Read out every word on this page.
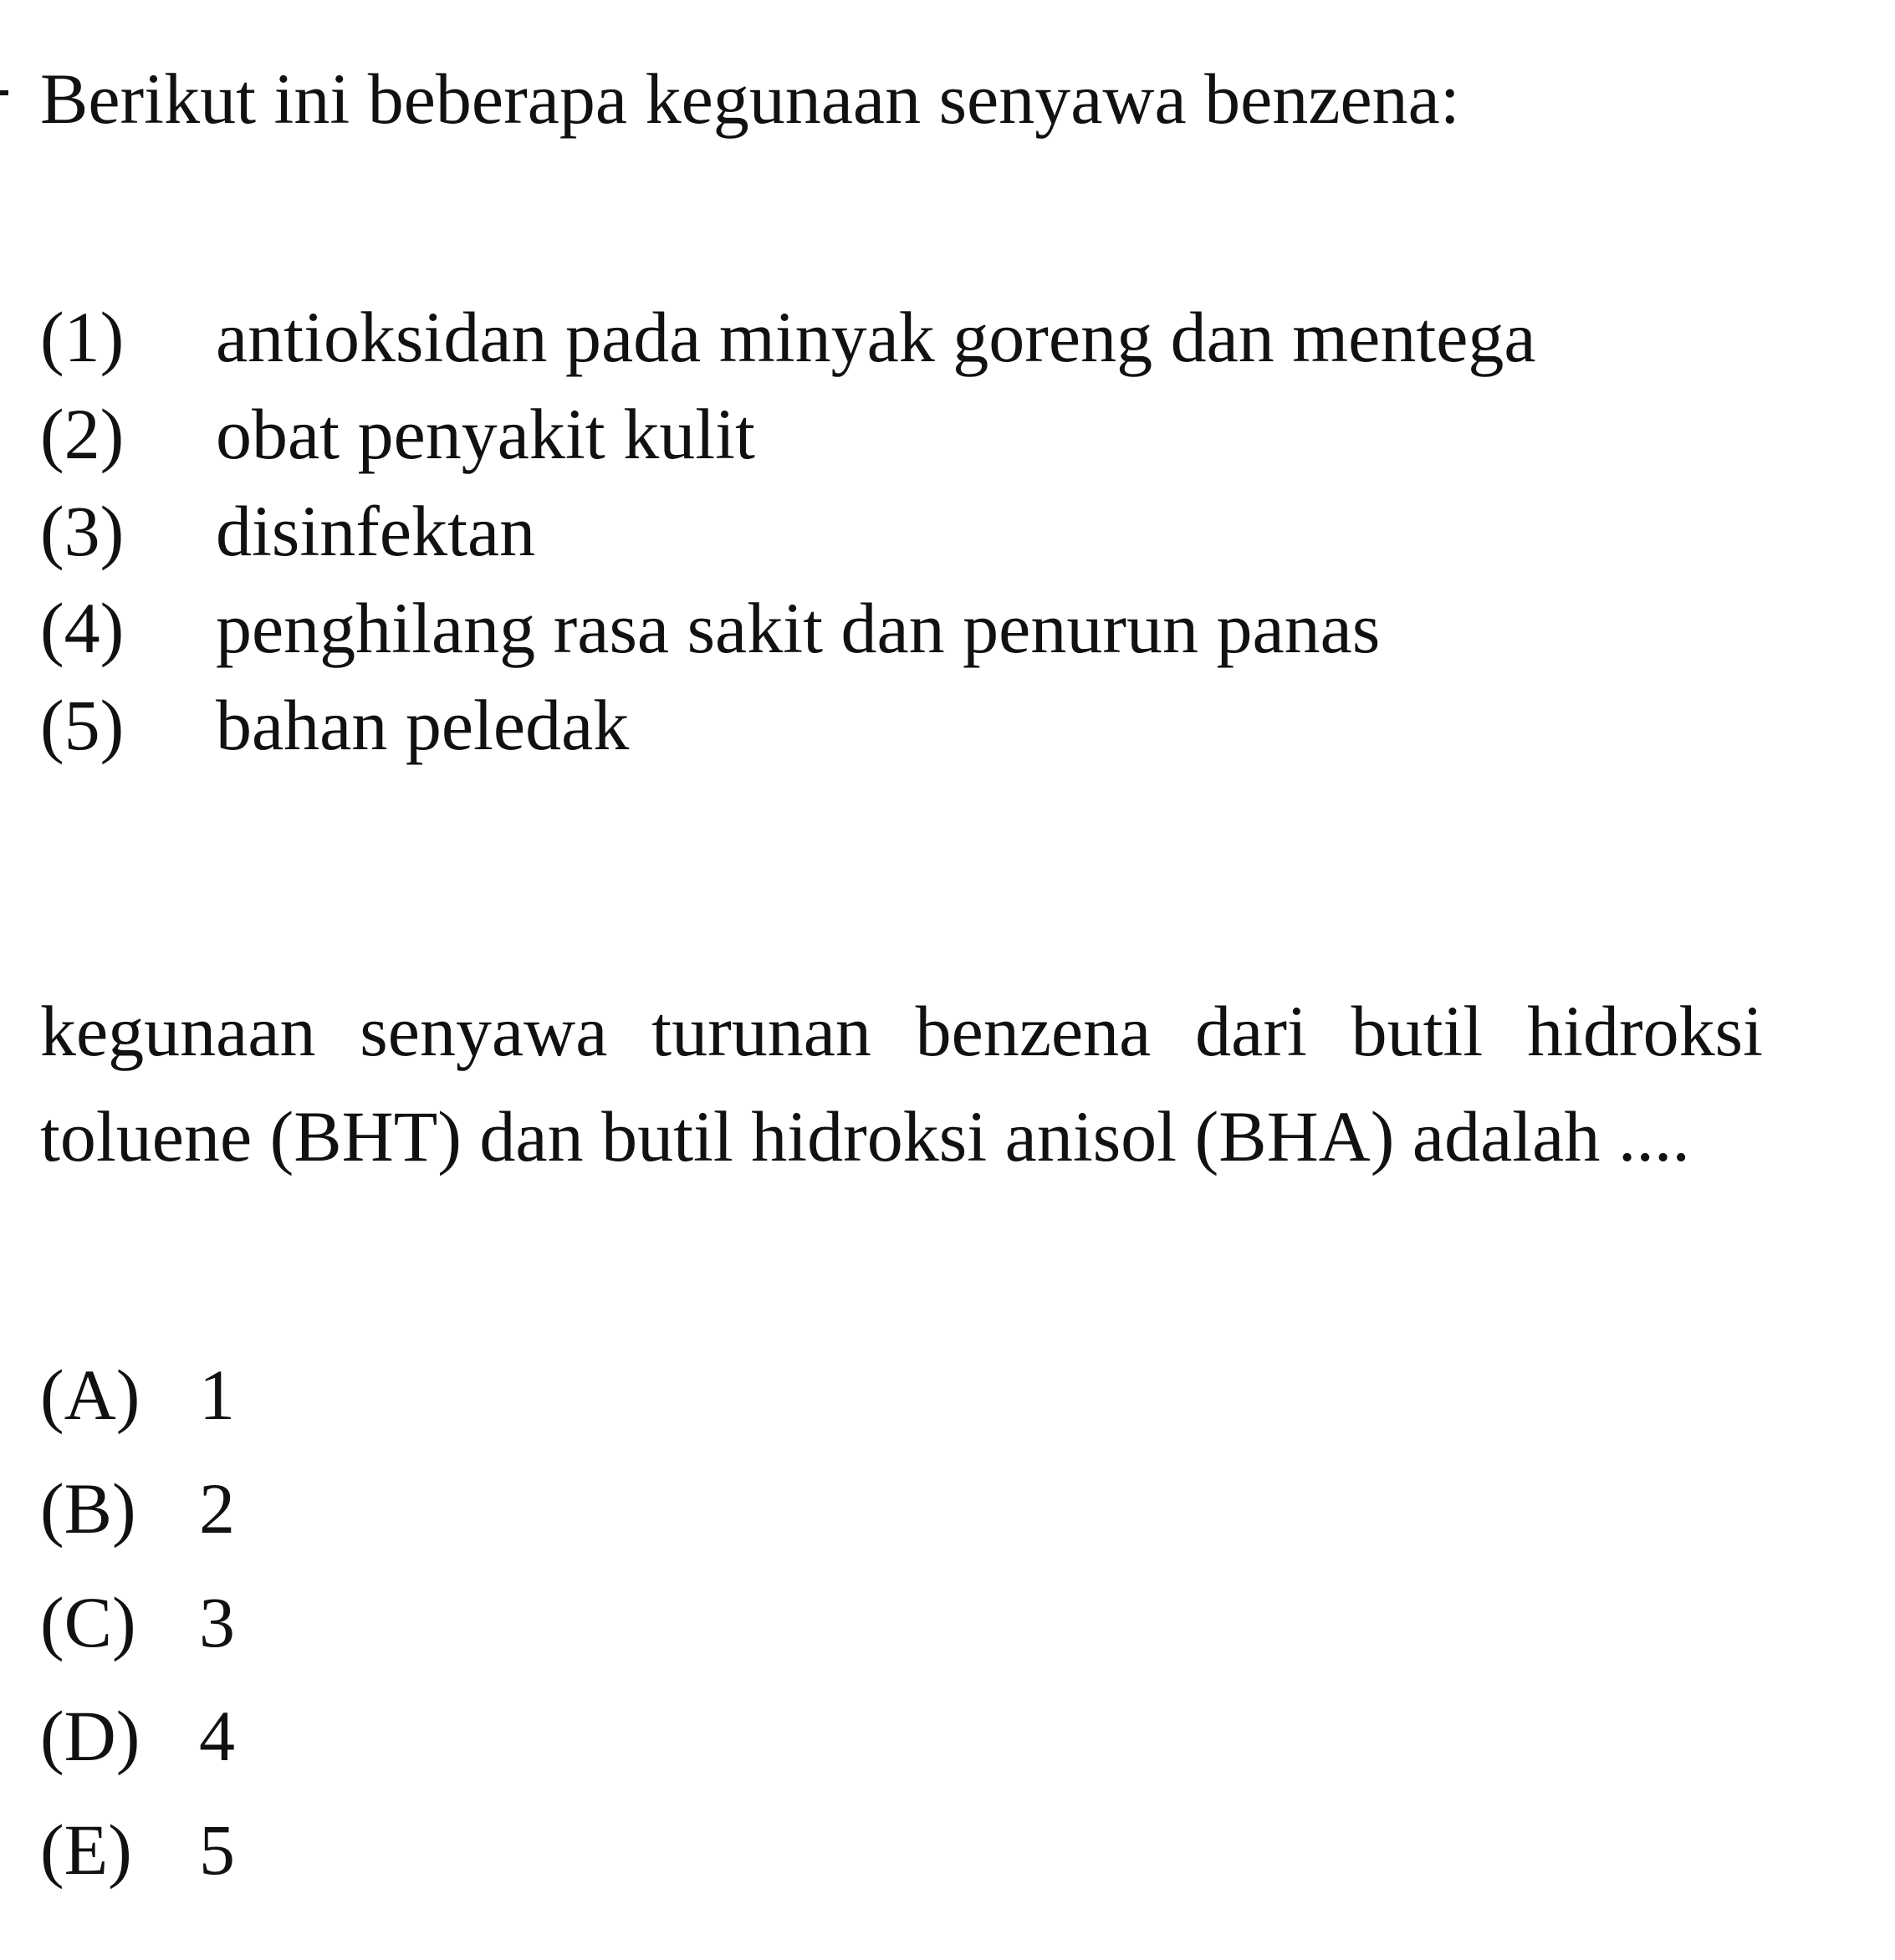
Berikut ini beberapa kegunaan senyawa benzena:
(1)	antioksidan pada minyak goreng dan mentega
(2)	obat penyakit kulit
(3)	disinfektan
(4)	penghilang rasa sakit dan penurun panas
(5)	bahan peledak
kegunaan senyawa turunan benzena dari butil hidroksi toluene (BHT) dan butil hidroksi anisol (BHA) adalah ....
(A) 1
(B) 2
(C) 3
(D) 4
(E) 5
